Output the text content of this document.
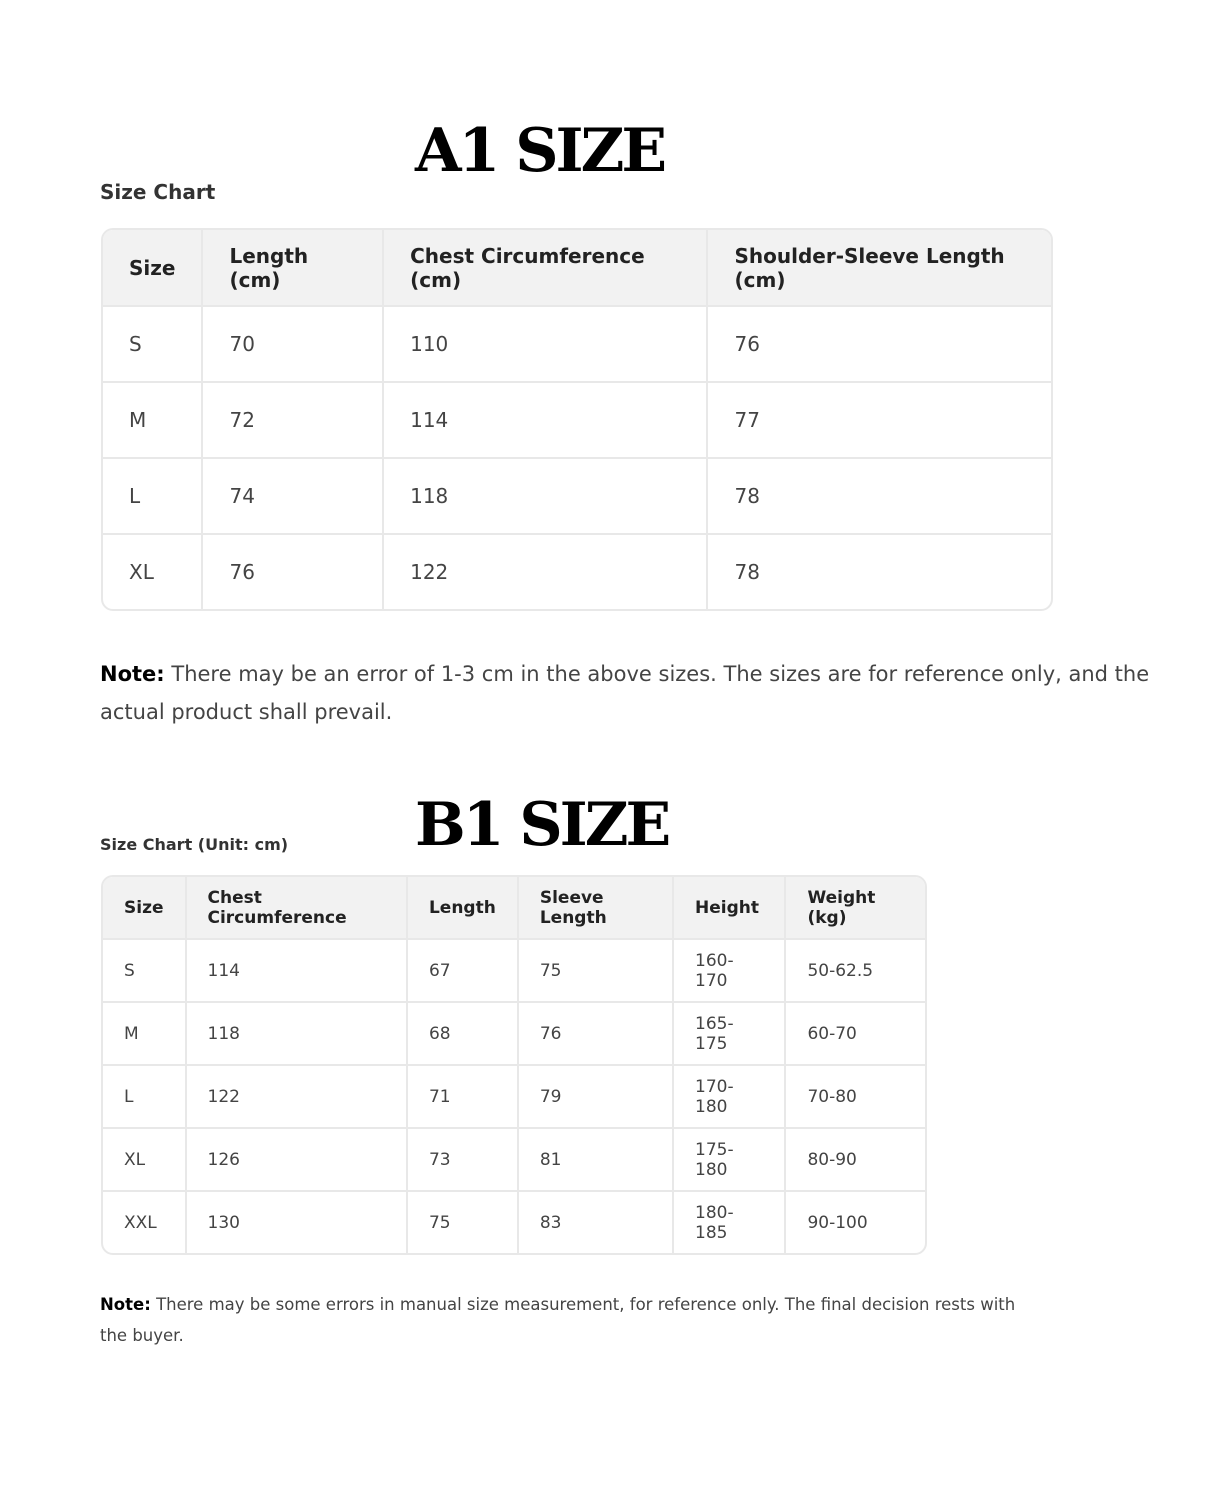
A1 SIZE
Size Chart
Size	Length (cm)	Chest Circumference (cm)	Shoulder-Sleeve Length (cm)
S	70	110	76
M	72	114	77
L	74	118	78
XL	76	122	78

Note: There may be an error of 1-3 cm in the above sizes. The sizes are for reference only, and the actual product shall prevail.

B1 SIZE
Size Chart (Unit: cm)
Size	Chest Circumference	Length	Sleeve Length	Height	Weight (kg)
S	114	67	75	160-170	50-62.5
M	118	68	76	165-175	60-70
L	122	71	79	170-180	70-80
XL	126	73	81	175-180	80-90
XXL	130	75	83	180-185	90-100

Note: There may be some errors in manual size measurement, for reference only. The final decision rests with the buyer.
